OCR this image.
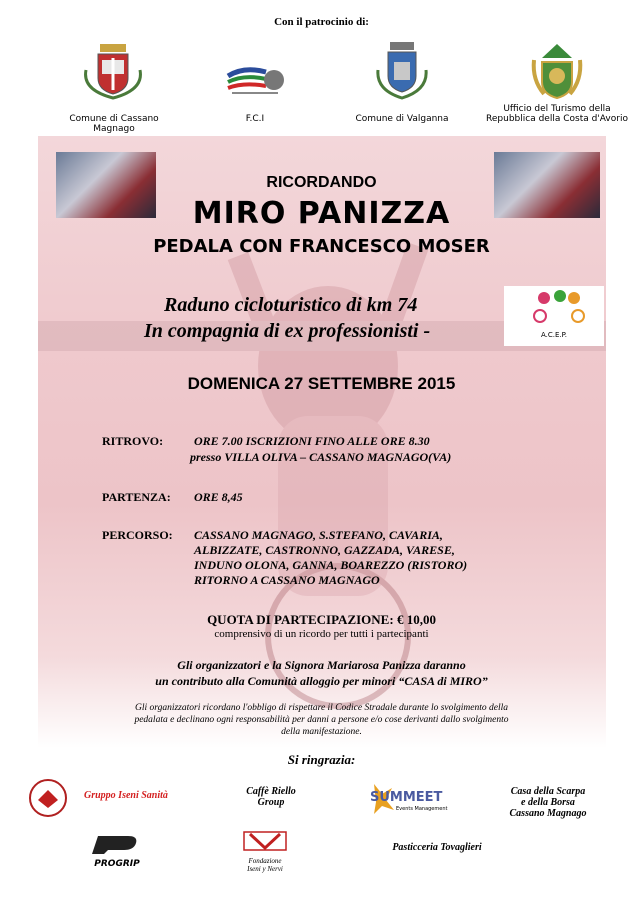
Con il patrocinio di:
Comune di Cassano Magnago
F.C.I	Comune di Valganna
Ufficio del Turismo della
Repubblica della Costa d'Avorio
RICORDANDO
MIRO PANIZZA
PEDALA CON FRANCESCO MOSER
Raduno cicloturistico di km 74
In compagnia di ex professionisti -	A.C.E.P.
DOMENICA 27 SETTEMBRE 2015
RITROVO:	ORE 7.00 ISCRIZIONI FINO ALLE ORE 8.30
presso VILLA OLIVA – CASSANO MAGNAGO(VA)
PARTENZA: ORE 8,45
PERCORSO: CASSANO MAGNAGO, S.STEFANO, CAVARIA,
ALBIZZATE, CASTRONNO, GAZZADA, VARESE,
INDUNO OLONA, GANNA, BOAREZZO (RISTORO)
RITORNO A CASSANO MAGNAGO
QUOTA DI PARTECIPAZIONE: € 10,00
comprensivo di un ricordo per tutti i partecipanti
Gli organizzatori e la Signora Mariarosa Panizza daranno
un contributo alla Comunità alloggio per minori “CASA di MIRO”
Gli organizzatori ricordano l'obbligo di rispettare il Codice Stradale durante lo svolgimento della
pedalata e declinano ogni responsabilità per danni a persone e/o cose derivanti dallo svolgimento
della manifestazione.
Si ringrazia:
Gruppo Iseni Sanità	Caffè Riello
Group	SUMMEET
Events Management
Casa della Scarpa
e della Borsa
Cassano Magnago
PROGRIP	Fondazione
Iseni y Nervi
Pasticceria Tovaglieri
